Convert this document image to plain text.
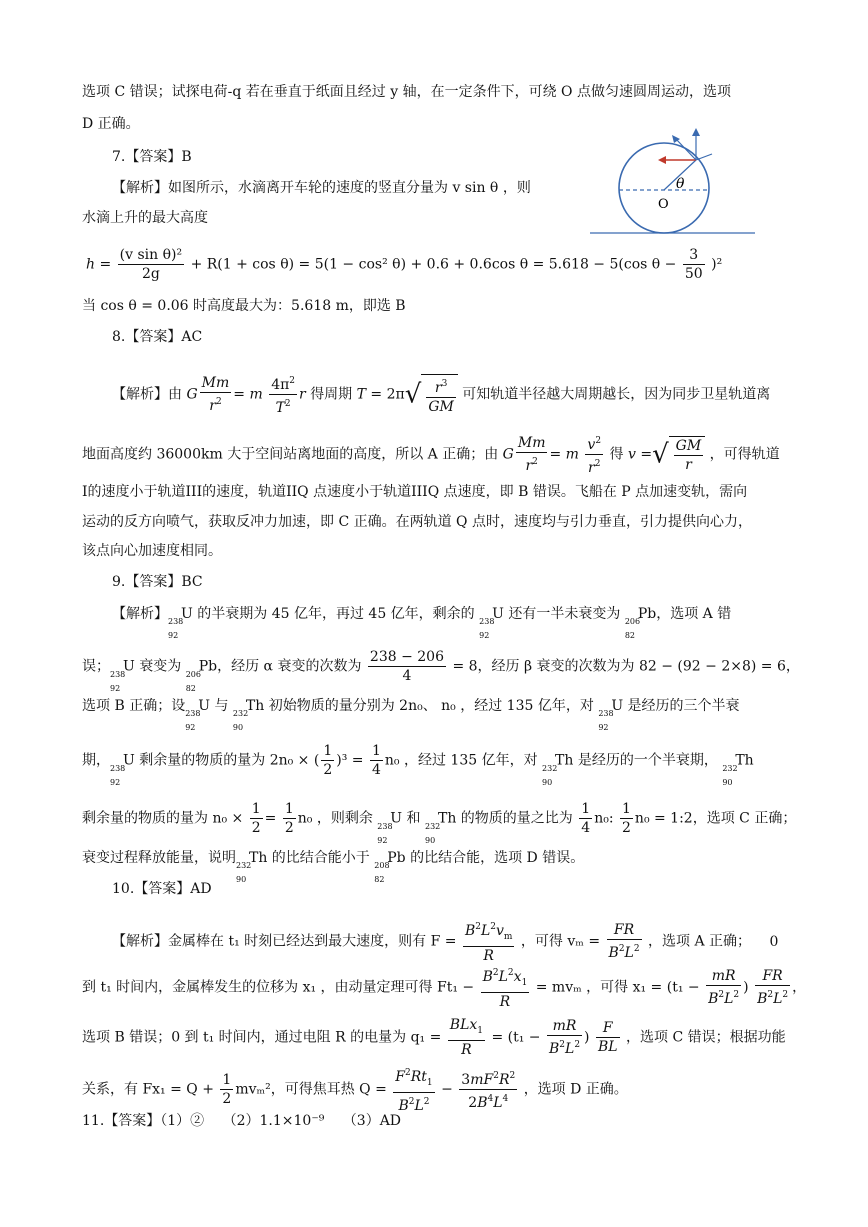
选项 C 错误；试探电荷-q 若在垂直于纸面且经过 y 轴，在一定条件下，可绕 O 点做匀速圆周运动，选项
D 正确。
7.【答案】B
【解析】如图所示，水滴离开车轮的速度的竖直分量为 v sin θ ，则
水滴上升的最大高度
θ
O
$h = \frac{\text{(v sin θ)²}}{2g} + R(1 + \cos \theta) = 5(1 - \cos^2$ θ) + 0.6 + 0.6cos θ = 5.618 − 5(cos $\theta - \frac{3}{50} )^2$
当 cos θ = 0.06 时高度最大为：5.618 m，即选 B
8.【答案】AC
【解析】由 G $\frac{Mm}{r^2} = m \frac{4\pi^2}{T^2}$ r 得周期 $T = 2\pi√ \frac{r^3}{GM}$ 可知轨道半径越大周期越长，因为同步卫星轨道离
地面高度约 36000km 大于空间站离地面的高度，所以 A 正确；由 G $\frac{Mm}{r^2} = m \frac{v^2}{r^2}$ 得 v =√ $\frac{GM}{r}$ ，可得轨道
I的速度小于轨道III的速度，轨道IIQ 点速度小于轨道IIIQ 点速度，即 B 错误。飞船在 P 点加速变轨，需向
运动的反方向喷气，获取反冲力加速，即 C 正确。在两轨道 Q 点时，速度均与引力垂直，引力提供向心力，
该点向心加速度相同。
9.【答案】BC
【解析】 238
92
U 的半衰期为 45 亿年，再过 45 亿年，剩余的 238
92
U 还有一半未衰变为 206
82
Pb，选项 A 错
误； 238
92
U 衰变为 206
82
Pb，经历 α 衰变的次数为 $\frac{238 - 206}{4} = 8$，经历 β 衰变的次数为为 82 − (92 − 2×8) = 6，
选项 B 正确；设 238
92
U 与 232
90
Th 初始物质的量分别为 2n₀、 n₀ ，经过 135 亿年，对 238
92
U 是经历的三个半衰
期， 238
92
U 剩余量的物质的量为 2n₀ × ( $\frac{1}{2} )^3 = \frac{1}{4} n_0$ ，经过 135 亿年，对 232
90
Th 是经历的一个半衰期， 232
90
Th
剩余量的物质的量为 $n_0 \times \frac{1}{2} = \frac{1}{2} n_0$ ，则剩余 238
92
U 和 232
90
Th 的物质的量之比为 $\frac{1}{4} n_0$: $\frac{1}{2} n_0$ = 1:2，选项 C 正确；
衰变过程释放能量，说明 232
90
Th 的比结合能小于 208
82
Pb 的比结合能，选项 D 错误。
10.【答案】AD
【解析】金属棒在 t₁ 时刻已经达到最大速度，则有 $F = \frac{B^2L^2v_m}{R}$ ，可得 $v_m = \frac{FR}{B^2L^2}$ ，选项 A 正确； 0
到 t₁ 时间内，金属棒发生的位移为 x₁ ，由动量定理可得 $Ft_1 - \frac{B^2L^2x_1}{R} = mv_m$ ，可得 $x_1 = (t_1 - \frac{mR}{B^2L^2}$ ) $\frac{FR}{B^2L^2}$ ，
选项 B 错误；0 到 t₁ 时间内，通过电阻 R 的电量为 $q_1 = \frac{BLx_1}{R} = (t_1 - \frac{mR}{B^2L^2}$ ) $\frac{F}{BL}$ ，选项 C 错误；根据功能
关系，有 $Fx_1 = Q + \frac{1}{2} mv_m^2$，可得焦耳热 $Q = \frac{F^2Rt_1}{B^2L^2} - \frac{3mF^2R^2}{2B^4L^4}$ ，选项 D 正确。
11.【答案】（1）②　 （2）1.1×10⁻⁹　 （3）AD
